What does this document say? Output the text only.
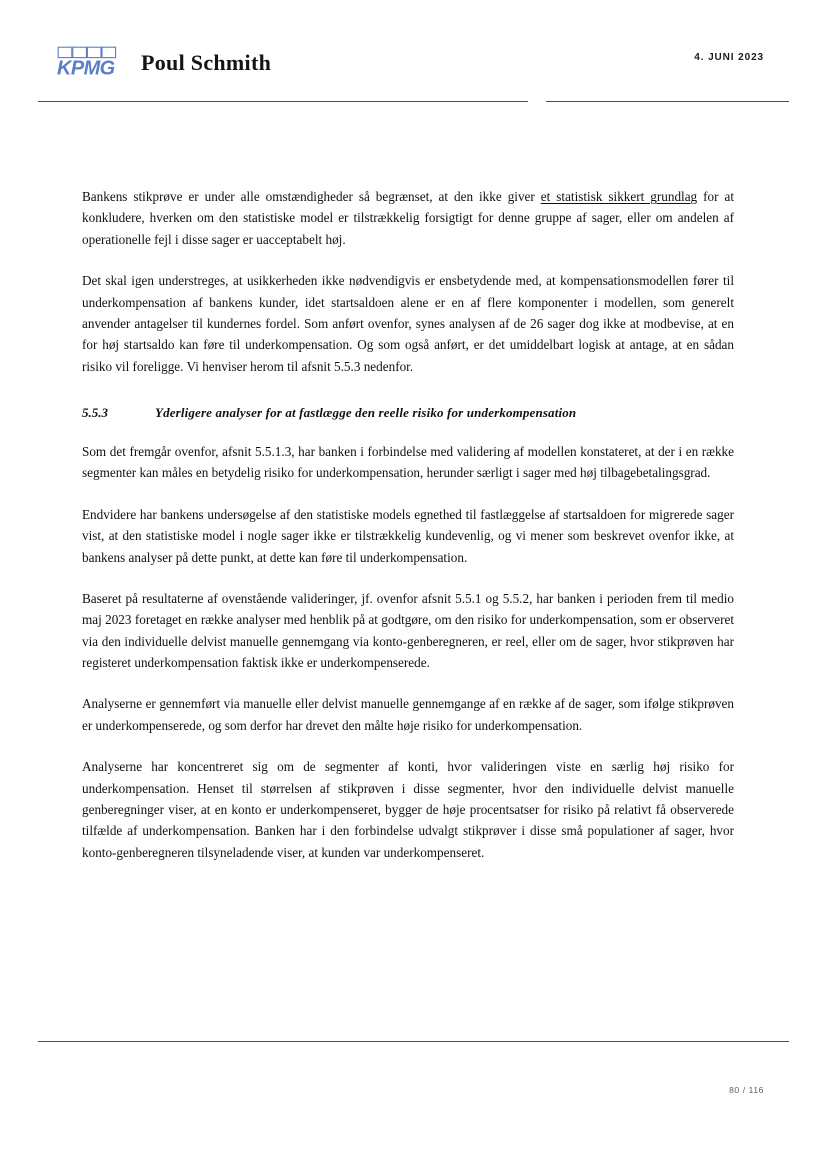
KPMG Poul Schmith	4. JUNI 2023

Bankens stikprøve er under alle omstændigheder så begrænset, at den ikke giver et statistisk sikkert grundlag for at konkludere, hverken om den statistiske model er tilstrækkelig forsigtigt for denne gruppe af sager, eller om andelen af operationelle fejl i disse sager er uacceptabelt høj.

Det skal igen understreges, at usikkerheden ikke nødvendigvis er ensbetydende med, at kompensationsmodellen fører til underkompensation af bankens kunder, idet startsaldoen alene er en af flere komponenter i modellen, som generelt anvender antagelser til kundernes fordel. Som anført ovenfor, synes analysen af de 26 sager dog ikke at modbevise, at en for høj startsaldo kan føre til underkompensation. Og som også anført, er det umiddelbart logisk at antage, at en sådan risiko vil foreligge. Vi henviser herom til afsnit 5.5.3 nedenfor.

5.5.3	Yderligere analyser for at fastlægge den reelle risiko for underkompensation

Som det fremgår ovenfor, afsnit 5.5.1.3, har banken i forbindelse med validering af modellen konstateret, at der i en række segmenter kan måles en betydelig risiko for underkompensation, herunder særligt i sager med høj tilbagebetalingsgrad.

Endvidere har bankens undersøgelse af den statistiske models egnethed til fastlæggelse af startsaldoen for migrerede sager vist, at den statistiske model i nogle sager ikke er tilstrækkelig kundevenlig, og vi mener som beskrevet ovenfor ikke, at bankens analyser på dette punkt, at dette kan føre til underkompensation.

Baseret på resultaterne af ovenstående valideringer, jf. ovenfor afsnit 5.5.1 og 5.5.2, har banken i perioden frem til medio maj 2023 foretaget en række analyser med henblik på at godtgøre, om den risiko for underkompensation, som er observeret via den individuelle delvist manuelle gennemgang via konto-genberegneren, er reel, eller om de sager, hvor stikprøven har registeret underkompensation faktisk ikke er underkompenserede.

Analyserne er gennemført via manuelle eller delvist manuelle gennemgange af en række af de sager, som ifølge stikprøven er underkompenserede, og som derfor har drevet den målte høje risiko for underkompensation.

Analyserne har koncentreret sig om de segmenter af konti, hvor valideringen viste en særlig høj risiko for underkompensation. Henset til størrelsen af stikprøven i disse segmenter, hvor den individuelle delvist manuelle genberegninger viser, at en konto er underkompenseret, bygger de høje procentsatser for risiko på relativt få observerede tilfælde af underkompensation. Banken har i den forbindelse udvalgt stikprøver i disse små populationer af sager, hvor konto-genberegneren tilsyneladende viser, at kunden var underkompenseret.

80 / 116
